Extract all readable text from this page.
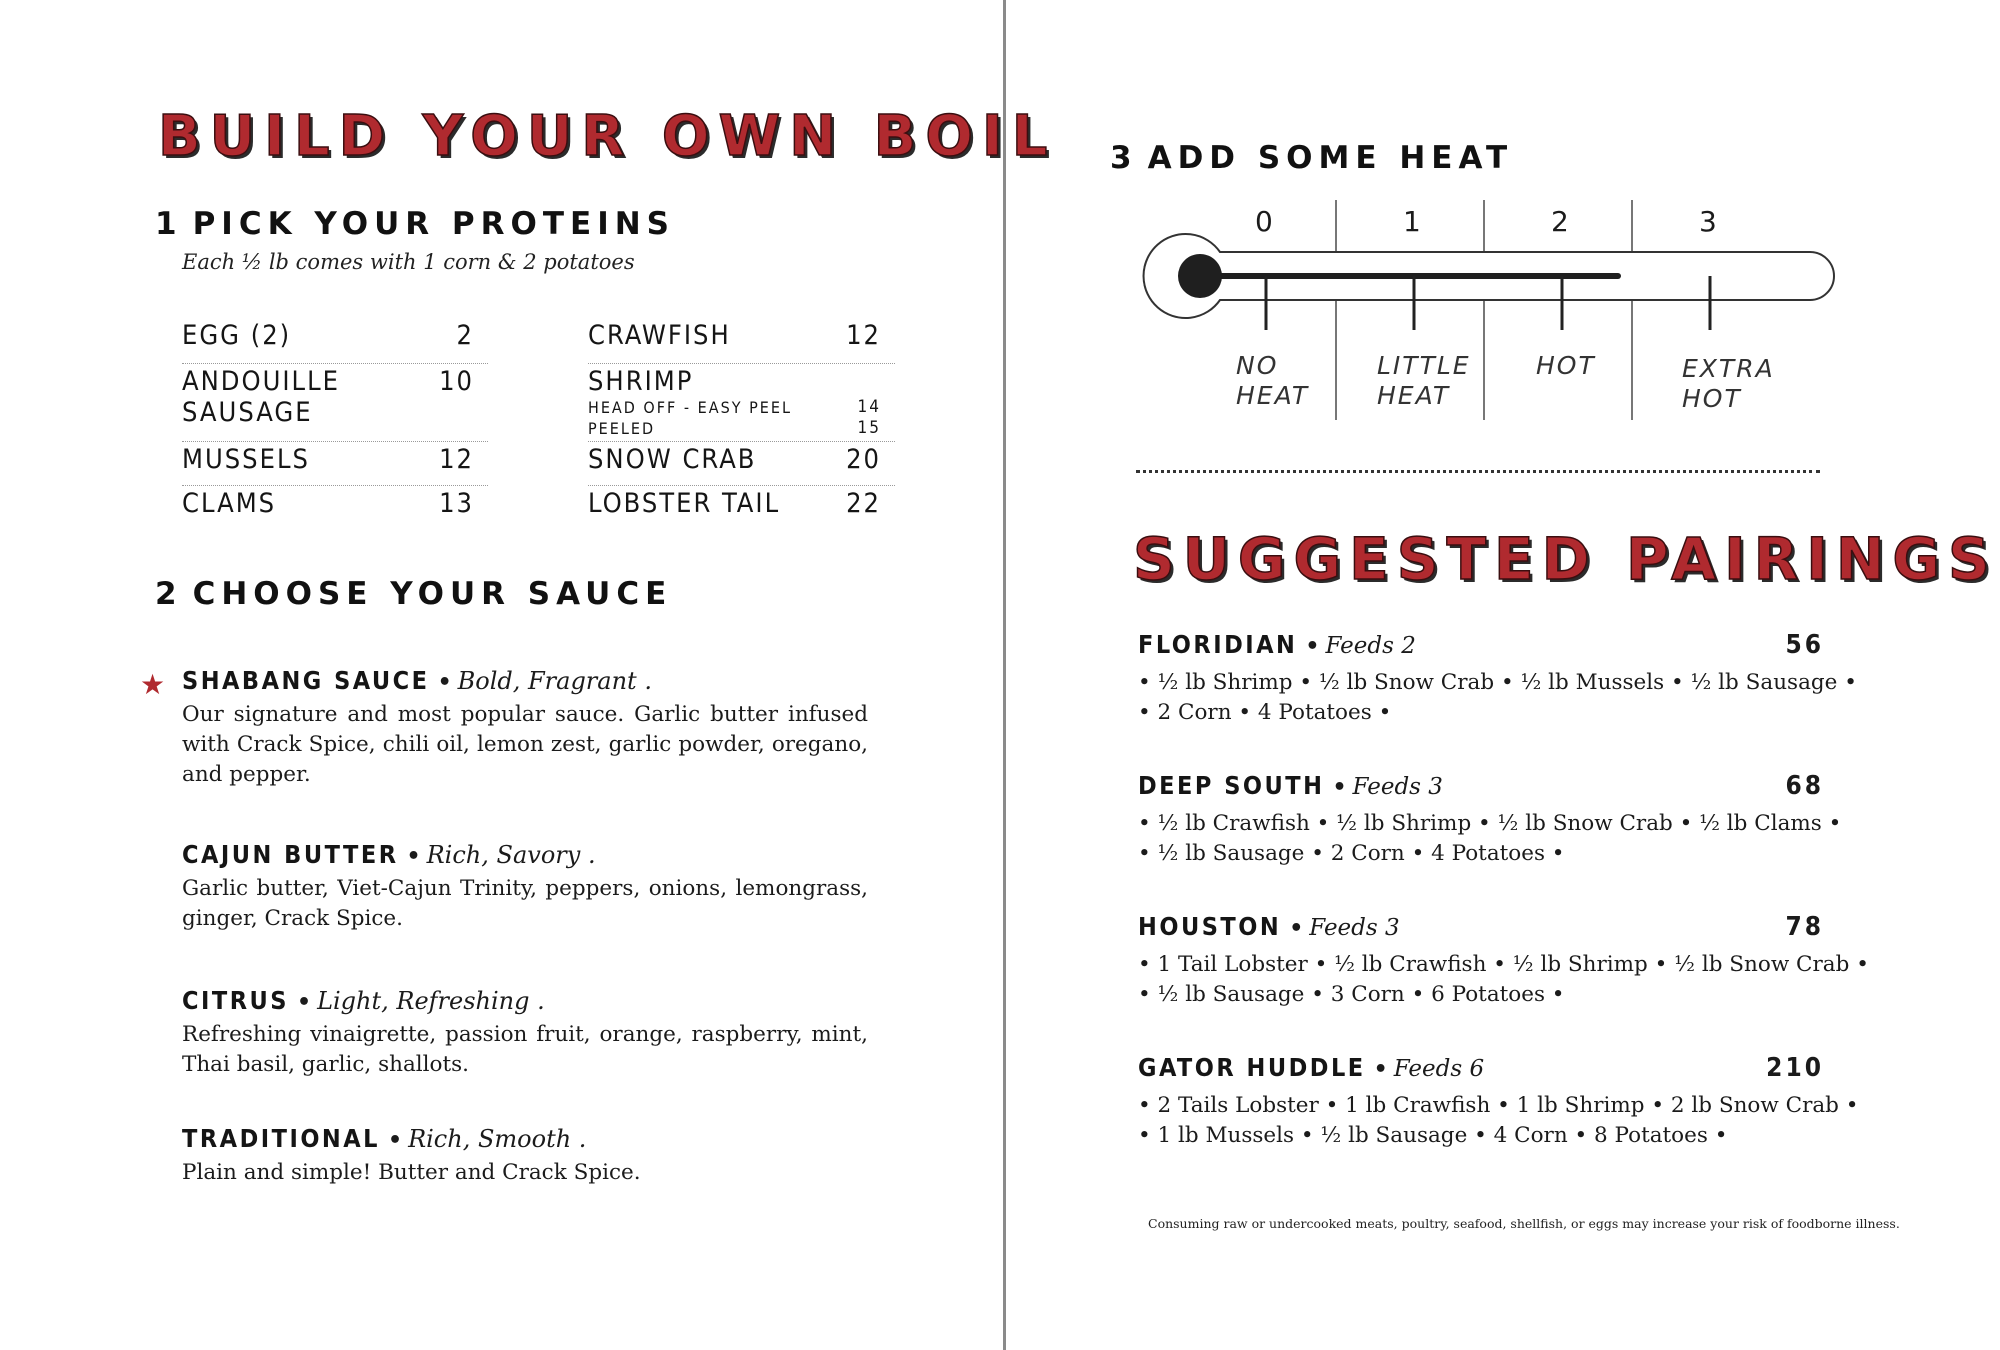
BUILD YOUR OWN BOIL
1 PICK YOUR PROTEINS
Each ½ lb comes with 1 corn & 2 potatoes
EGG (2)	2
ANDOUILLE
SAUSAGE
10
MUSSELS	12
CLAMS	13
CRAWFISH	12
SHRIMP
HEAD OFF - EASY PEEL	14
PEELED	15
SNOW CRAB	20
LOBSTER TAIL 22
SHABANG SAUCE • Bold, Fragrant .
Our signature and most popular sauce. Garlic butter infused with Crack Spice, chili oil, lemon zest, garlic powder, oregano, and pepper.
★
CAJUN BUTTER • Rich, Savory .
Garlic butter, Viet-Cajun Trinity, peppers, onions, lemongrass, ginger, Crack Spice.
CITRUS • Light, Refreshing .
Refreshing vinaigrette, passion fruit, orange, raspberry, mint, Thai basil, garlic, shallots.
TRADITIONAL • Rich, Smooth .
Plain and simple! Butter and Crack Spice.
2 CHOOSE YOUR SAUCE
3 ADD SOME HEAT
0	1	2	3
NO
HEAT
LITTLE
HEAT
HOT	EXTRA
HOT
SUGGESTED PAIRINGS
FLORIDIAN • Feeds 2	56
• ½ lb Shrimp • ½ lb Snow Crab • ½ lb Mussels • ½ lb Sausage •
• 2 Corn • 4 Potatoes •
DEEP SOUTH • Feeds 3	68
• ½ lb Crawfish • ½ lb Shrimp • ½ lb Snow Crab • ½ lb Clams •
• ½ lb Sausage • 2 Corn • 4 Potatoes •
HOUSTON • Feeds 3	78
• 1 Tail Lobster • ½ lb Crawfish • ½ lb Shrimp • ½ lb Snow Crab •
• ½ lb Sausage • 3 Corn • 6 Potatoes •
GATOR HUDDLE • Feeds 6	210
• 2 Tails Lobster • 1 lb Crawfish • 1 lb Shrimp • 2 lb Snow Crab •
• 1 lb Mussels • ½ lb Sausage • 4 Corn • 8 Potatoes •
Consuming raw or undercooked meats, poultry, seafood, shellfish, or eggs may increase your risk of foodborne illness.
